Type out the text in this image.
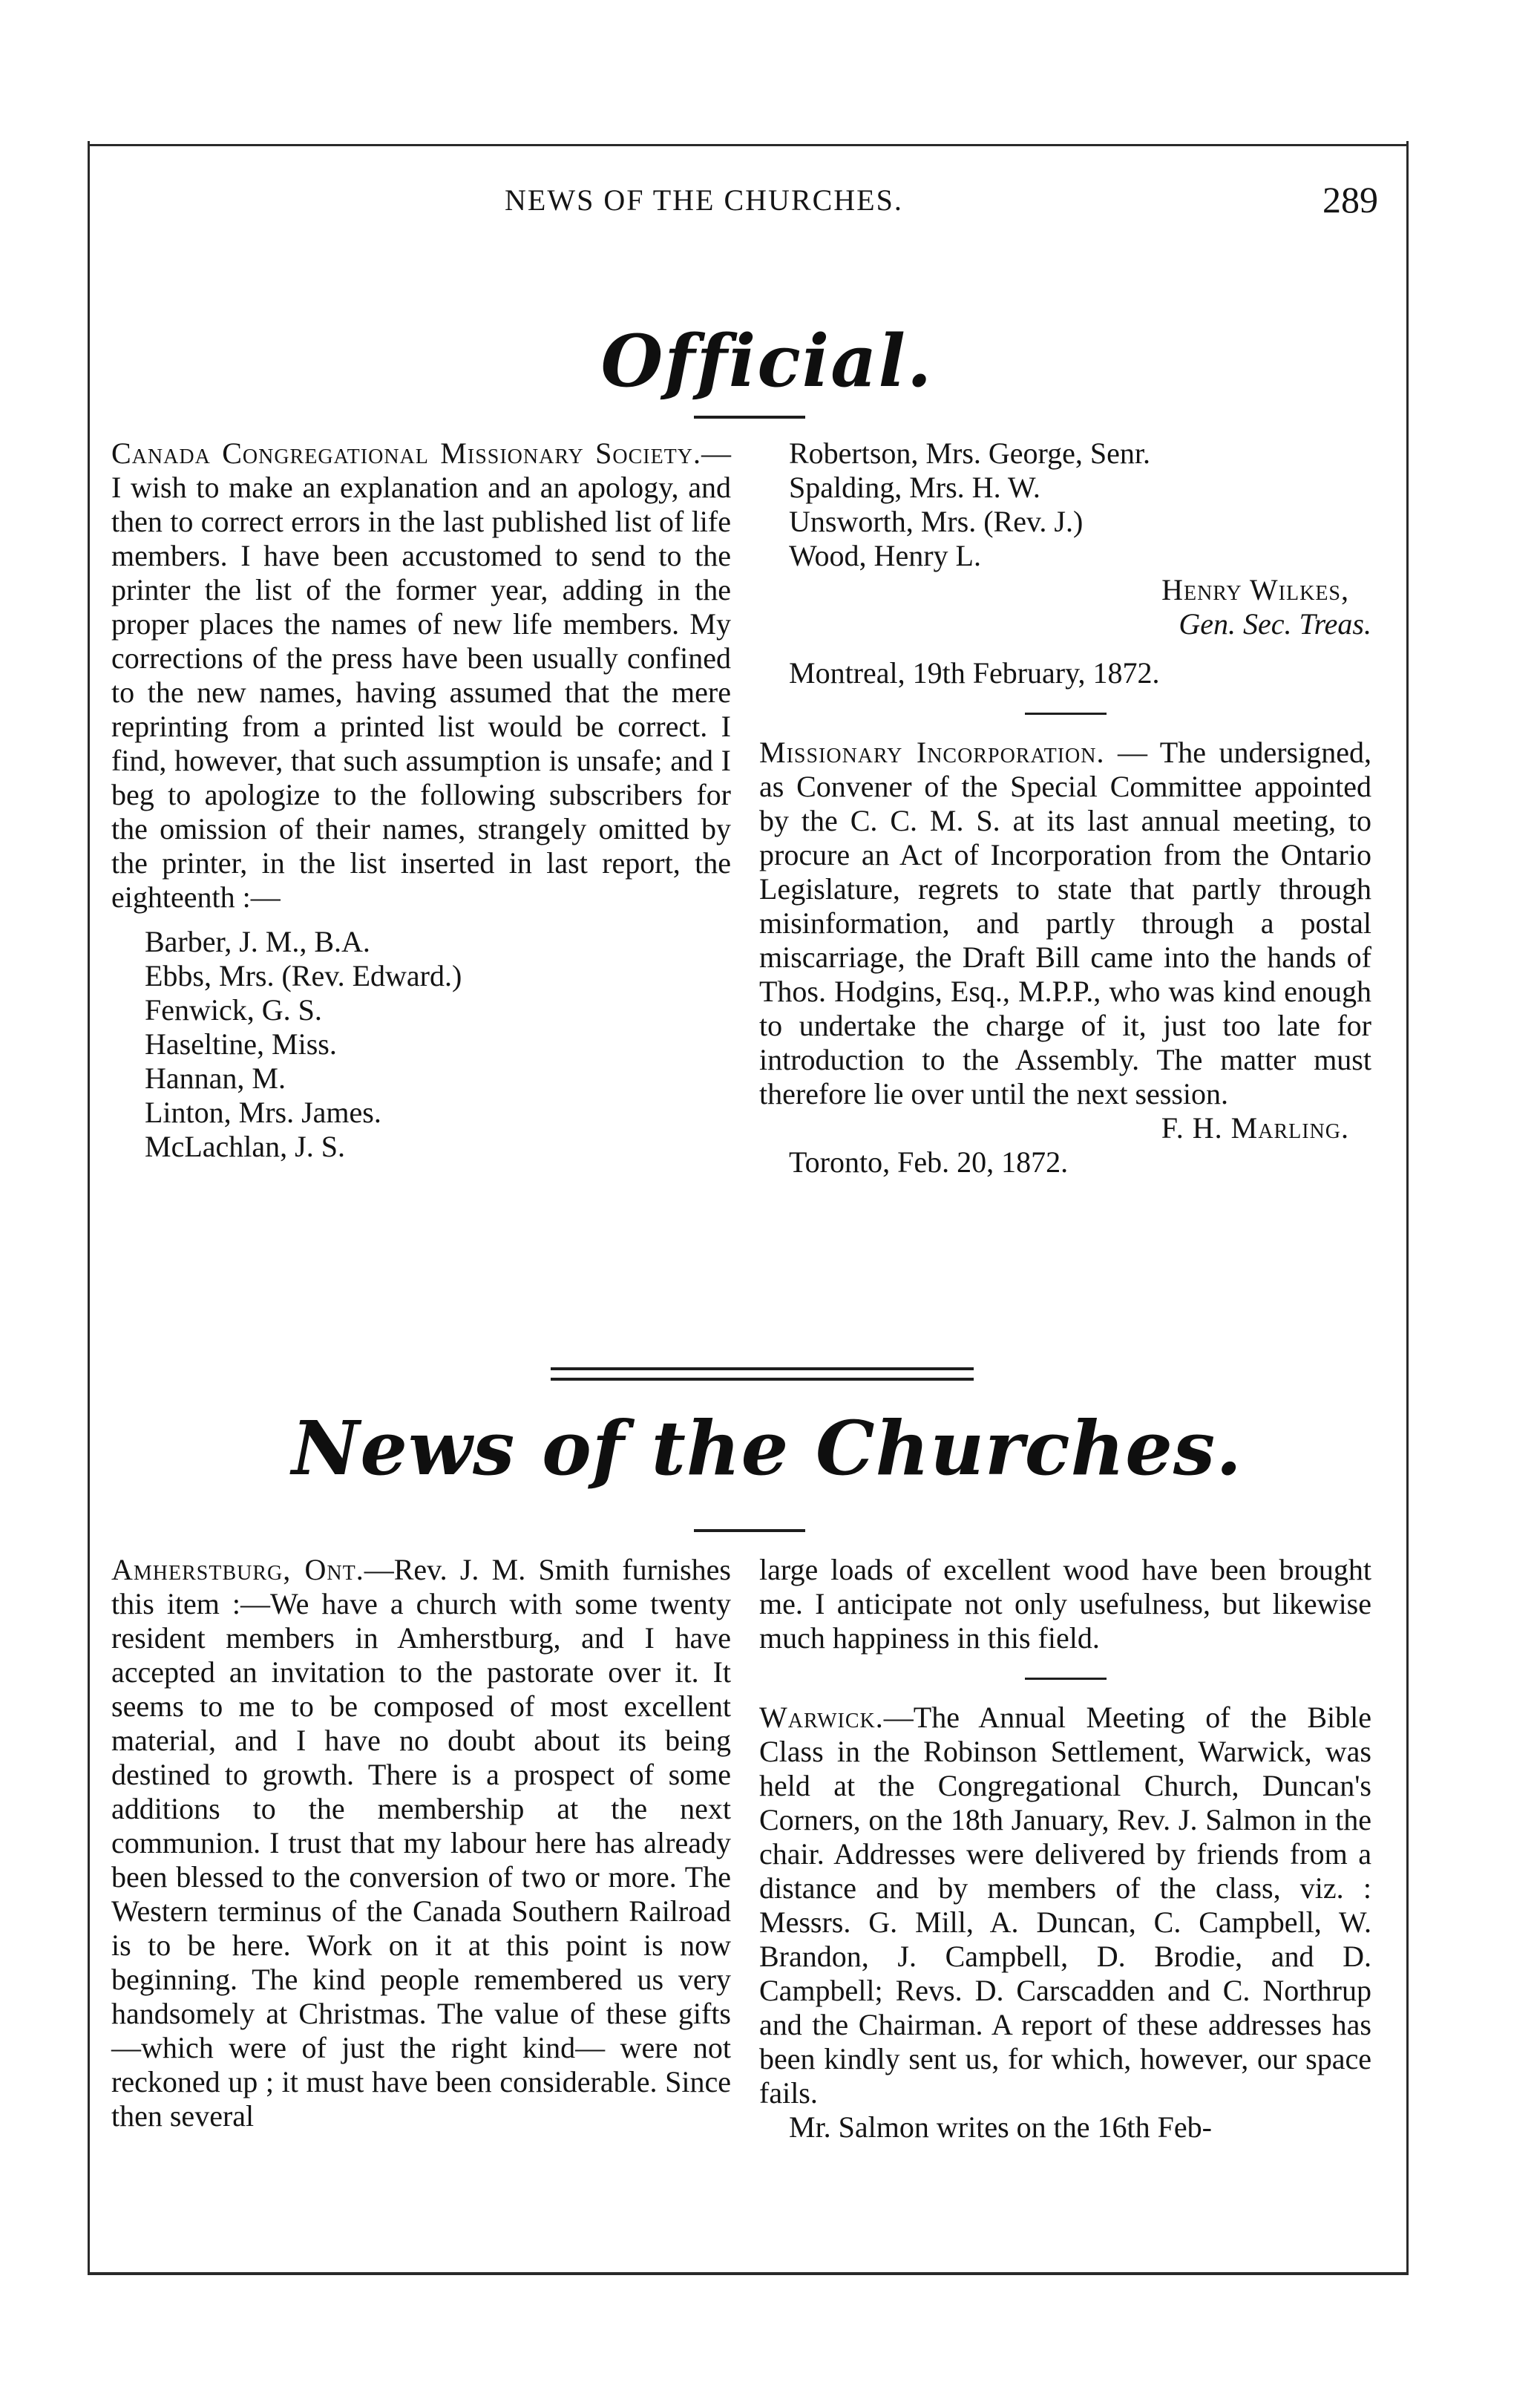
NEWS OF THE CHURCHES.	289
Official.

Canada Congregational Missionary Society.—I wish to make an explanation and an apology, and then to correct errors in the last published list of life members. I have been accustomed to send to the printer the list of the former year, adding in the proper places the names of new life members. My corrections of the press have been usually confined to the new names, having assumed that the mere reprinting from a printed list would be correct. I find, however, that such assumption is unsafe; and I beg to apologize to the following subscribers for the omission of their names, strangely omitted by the printer, in the list inserted in last report, the eighteenth :—

Barber, J. M., B.A.
Ebbs, Mrs. (Rev. Edward.)
Fenwick, G. S.
Haseltine, Miss.
Hannan, M.
Linton, Mrs. James.
McLachlan, J. S.
Robertson, Mrs. George, Senr.
Spalding, Mrs. H. W.
Unsworth, Mrs. (Rev. J.)
Wood, Henry L.
Henry Wilkes,
Gen. Sec. Treas.
Montreal, 19th February, 1872.

Missionary Incorporation. — The undersigned, as Convener of the Special Committee appointed by the C. C. M. S. at its last annual meeting, to procure an Act of Incorporation from the Ontario Legislature, regrets to state that partly through misinformation, and partly through a postal miscarriage, the Draft Bill came into the hands of Thos. Hodgins, Esq., M.P.P., who was kind enough to undertake the charge of it, just too late for introduction to the Assembly. The matter must therefore lie over until the next session.

F. H. Marling.
Toronto, Feb. 20, 1872.
News of the Churches.

Amherstburg, Ont.—Rev. J. M. Smith furnishes this item :—We have a church with some twenty resident members in Amherstburg, and I have accepted an invitation to the pastorate over it. It seems to me to be composed of most excellent material, and I have no doubt about its being destined to growth. There is a prospect of some additions to the membership at the next communion. I trust that my labour here has already been blessed to the conversion of two or more. The Western terminus of the Canada Southern Railroad is to be here. Work on it at this point is now beginning. The kind people remembered us very handsomely at Christmas. The value of these gifts —which were of just the right kind— were not reckoned up ; it must have been considerable. Since then several

large loads of excellent wood have been brought me. I anticipate not only usefulness, but likewise much happiness in this field.

Warwick.—The Annual Meeting of the Bible Class in the Robinson Settlement, Warwick, was held at the Congregational Church, Duncan's Corners, on the 18th January, Rev. J. Salmon in the chair. Addresses were delivered by friends from a distance and by members of the class, viz. : Messrs. G. Mill, A. Duncan, C. Campbell, W. Brandon, J. Campbell, D. Brodie, and D. Campbell; Revs. D. Carscadden and C. Northrup and the Chairman. A report of these addresses has been kindly sent us, for which, however, our space fails.

Mr. Salmon writes on the 16th Feb-
